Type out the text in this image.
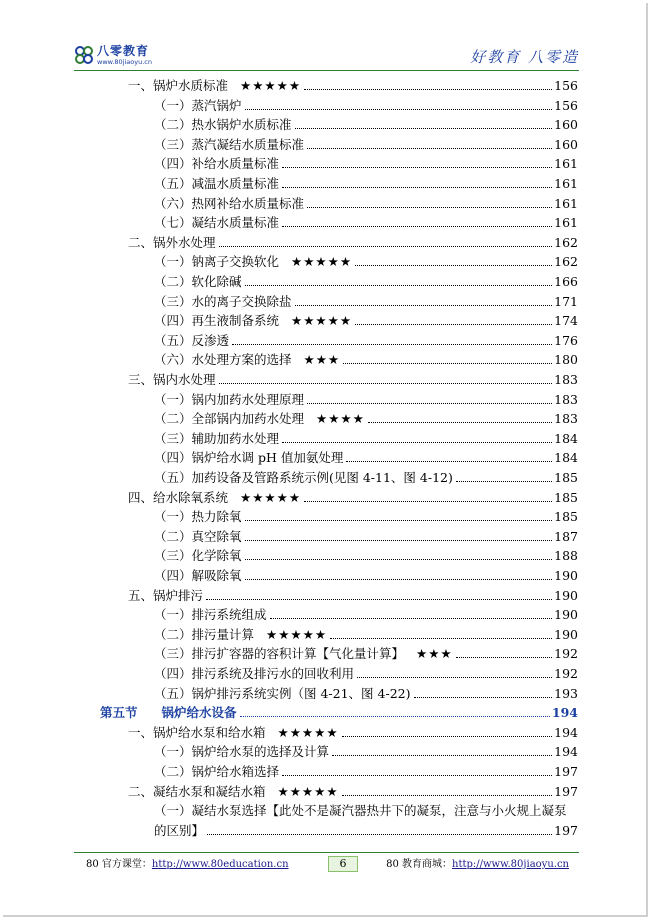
八零教育
www.80jiaoyu.cn	好教育 八零造
一、锅炉水质标准 ★★★★★	156
（一）蒸汽锅炉	156
（二）热水锅炉水质标准	160
（三）蒸汽凝结水质量标准	160
（四）补给水质量标准	161
（五）减温水质量标准	161
（六）热网补给水质量标准	161
（七）凝结水质量标准	161
二、锅外水处理	162
（一）钠离子交换软化 ★★★★★	162
（二）软化除碱	166
（三）水的离子交换除盐	171
（四）再生液制备系统 ★★★★★	174
（五）反渗透	176
（六）水处理方案的选择 ★★★	180
三、锅内水处理	183
（一）锅内加药水处理原理	183
（二）全部锅内加药水处理 ★★★★	183
（三）辅助加药水处理	184
（四）锅炉给水调 pH 值加氨处理	184
（五）加药设备及管路系统示例(见图 4-11、图 4-12)	185
四、给水除氧系统 ★★★★★	185
（一）热力除氧	185
（二）真空除氧	187
（三）化学除氧	188
（四）解吸除氧	190
五、锅炉排污	190
（一）排污系统组成	190
（二）排污量计算 ★★★★★	190
（三）排污扩容器的容积计算【气化量计算】 ★★★	192
（四）排污系统及排污水的回收利用	192
（五）锅炉排污系统实例（图 4-21、图 4-22)	193
第五节 锅炉给水设备	194
一、锅炉给水泵和给水箱 ★★★★★	194
（一）锅炉给水泵的选择及计算	194
（二）锅炉给水箱选择	197
二、凝结水泵和凝结水箱 ★★★★★	197
（一）凝结水泵选择【此处不是凝汽器热井下的凝泵，注意与小火规上凝泵
的区别】	197
80 官方课堂：http://www.80education.cn	6	80 教育商城：http://www.80jiaoyu.cn
